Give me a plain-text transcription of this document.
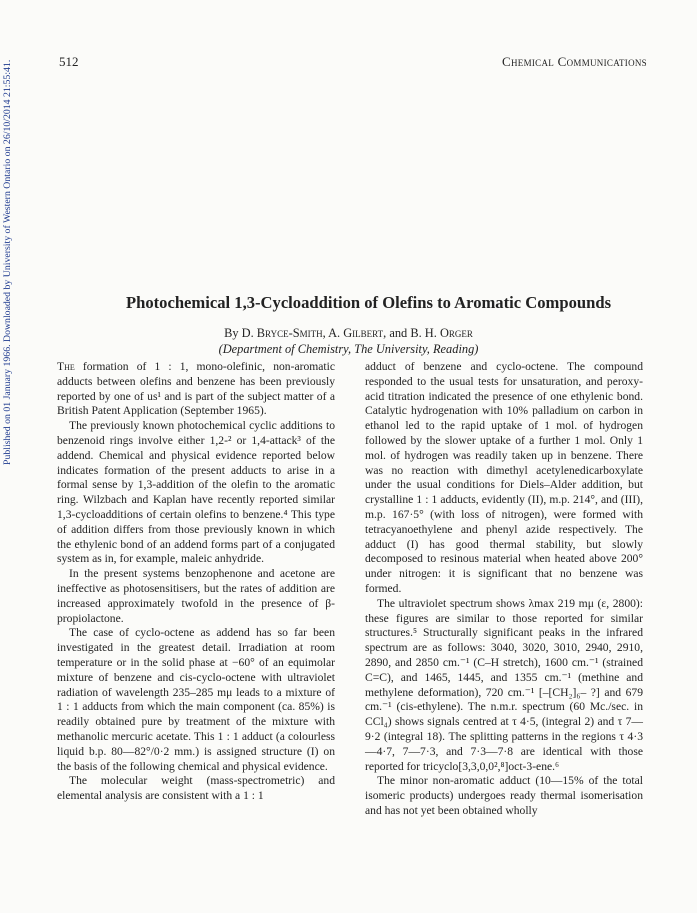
512	Chemical Communications
Published on 01 January 1966. Downloaded by University of Western Ontario on 26/10/2014 21:55:41.	Photochemical 1,3-Cycloaddition of Olefins to Aromatic Compounds
By D. Bryce-Smith, A. Gilbert, and B. H. Orger
(Department of Chemistry, The University, Reading)

The formation of 1 : 1, mono-olefinic, non-aromatic adducts between olefins and benzene has been previously reported by one of us¹ and is part of the subject matter of a British Patent Application (September 1965).

The previously known photochemical cyclic additions to benzenoid rings involve either 1,2-² or 1,4-attack³ of the addend. Chemical and physical evidence reported below indicates formation of the present adducts to arise in a formal sense by 1,3-addition of the olefin to the aromatic ring. Wilzbach and Kaplan have recently reported similar 1,3-cycloadditions of certain olefins to benzene.⁴ This type of addition differs from those previously known in which the ethylenic bond of an addend forms part of a conjugated system as in, for example, maleic anhydride.

In the present systems benzophenone and acetone are ineffective as photosensitisers, but the rates of addition are increased approximately twofold in the presence of β-propiolactone.

The case of cyclo-octene as addend has so far been investigated in the greatest detail. Irradiation at room temperature or in the solid phase at −60° of an equimolar mixture of benzene and cis-cyclo-octene with ultraviolet radiation of wavelength 235–285 mμ leads to a mixture of 1 : 1 adducts from which the main component (ca. 85%) is readily obtained pure by treatment of the mixture with methanolic mercuric acetate. This 1 : 1 adduct (a colourless liquid b.p. 80—82°/0·2 mm.) is assigned structure (I) on the basis of the following chemical and physical evidence.

The molecular weight (mass-spectrometric) and elemental analysis are consistent with a 1 : 1

adduct of benzene and cyclo-octene. The compound responded to the usual tests for unsaturation, and peroxy-acid titration indicated the presence of one ethylenic bond. Catalytic hydrogenation with 10% palladium on carbon in ethanol led to the rapid uptake of 1 mol. of hydrogen followed by the slower uptake of a further 1 mol. Only 1 mol. of hydrogen was readily taken up in benzene. There was no reaction with dimethyl acetylenedicarboxylate under the usual conditions for Diels–Alder addition, but crystalline 1 : 1 adducts, evidently (II), m.p. 214°, and (III), m.p. 167·5° (with loss of nitrogen), were formed with tetracyanoethylene and phenyl azide respectively. The adduct (I) has good thermal stability, but slowly decomposed to resinous material when heated above 200° under nitrogen: it is significant that no benzene was formed.

The ultraviolet spectrum shows λmax 219 mμ (ε, 2800): these figures are similar to those reported for similar structures.⁵ Structurally significant peaks in the infrared spectrum are as follows: 3040, 3020, 3010, 2940, 2910, 2890, and 2850 cm.⁻¹ (C–H stretch), 1600 cm.⁻¹ (strained C=C), and 1465, 1445, and 1355 cm.⁻¹ (methine and methylene deformation), 720 cm.⁻¹ [–[CH₂]₆– ?] and 679 cm.⁻¹ (cis-ethylene). The n.m.r. spectrum (60 Mc./sec. in CCl₄) shows signals centred at τ 4·5, (integral 2) and τ 7—9·2 (integral 18). The splitting patterns in the regions τ 4·3—4·7, 7—7·3, and 7·3—7·8 are identical with those reported for tricyclo[3,3,0,0²,⁸]oct-3-ene.⁶

The minor non-aromatic adduct (10—15% of the total isomeric products) undergoes ready thermal isomerisation and has not yet been obtained wholly
